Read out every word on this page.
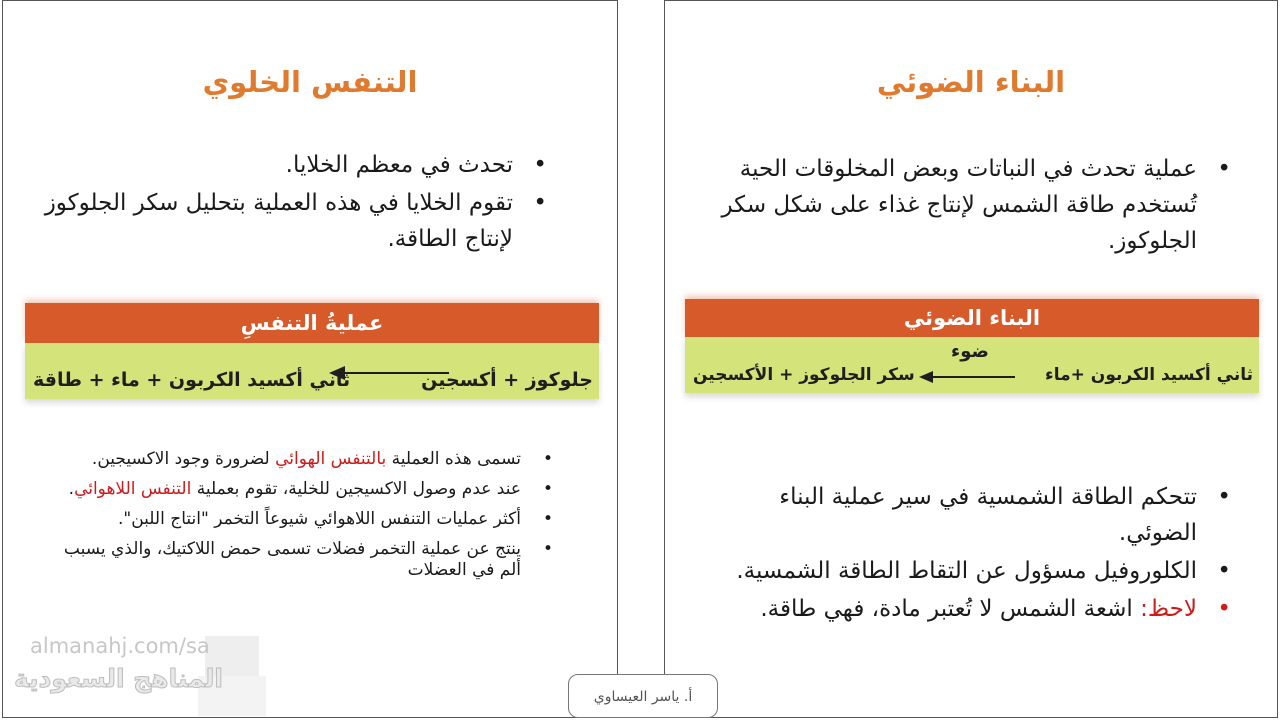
التنفس الخلوي
• تحدث في معظم الخلايا.
• تقوم الخلايا في هذه العملية بتحليل سكر الجلوكوز لإنتاج الطاقة.
عمليةُ التنفسِ
جلوكوز + أكسجين
ثاني أكسيد الكربون + ماء + طاقة
• تسمى هذه العملية بالتنفس الهوائي لضرورة وجود الاكسيجين.
• عند عدم وصول الاكسيجين للخلية، تقوم بعملية التنفس اللاهوائي.
• أكثر عمليات التنفس اللاهوائي شيوعاً التخمر "انتاج اللبن".
• ينتج عن عملية التخمر فضلات تسمى حمض اللاكتيك، والذي يسبب ألم في العضلات
البناء الضوئي
• عملية تحدث في النباتات وبعض المخلوقات الحية تُستخدم طاقة الشمس لإنتاج غذاء على شكل سكر الجلوكوز.
البناء الضوئي
ثاني أكسيد الكربون +ماء
ضوء
سكر الجلوكوز + الأكسجين
• تتحكم الطاقة الشمسية في سير عملية البناء الضوئي.
• الكلوروفيل مسؤول عن التقاط الطاقة الشمسية.
• لاحظ: اشعة الشمس لا تُعتبر مادة، فهي طاقة.
almanahj.com/sa
المناهج السعودية
أ. ياسر العيساوي
